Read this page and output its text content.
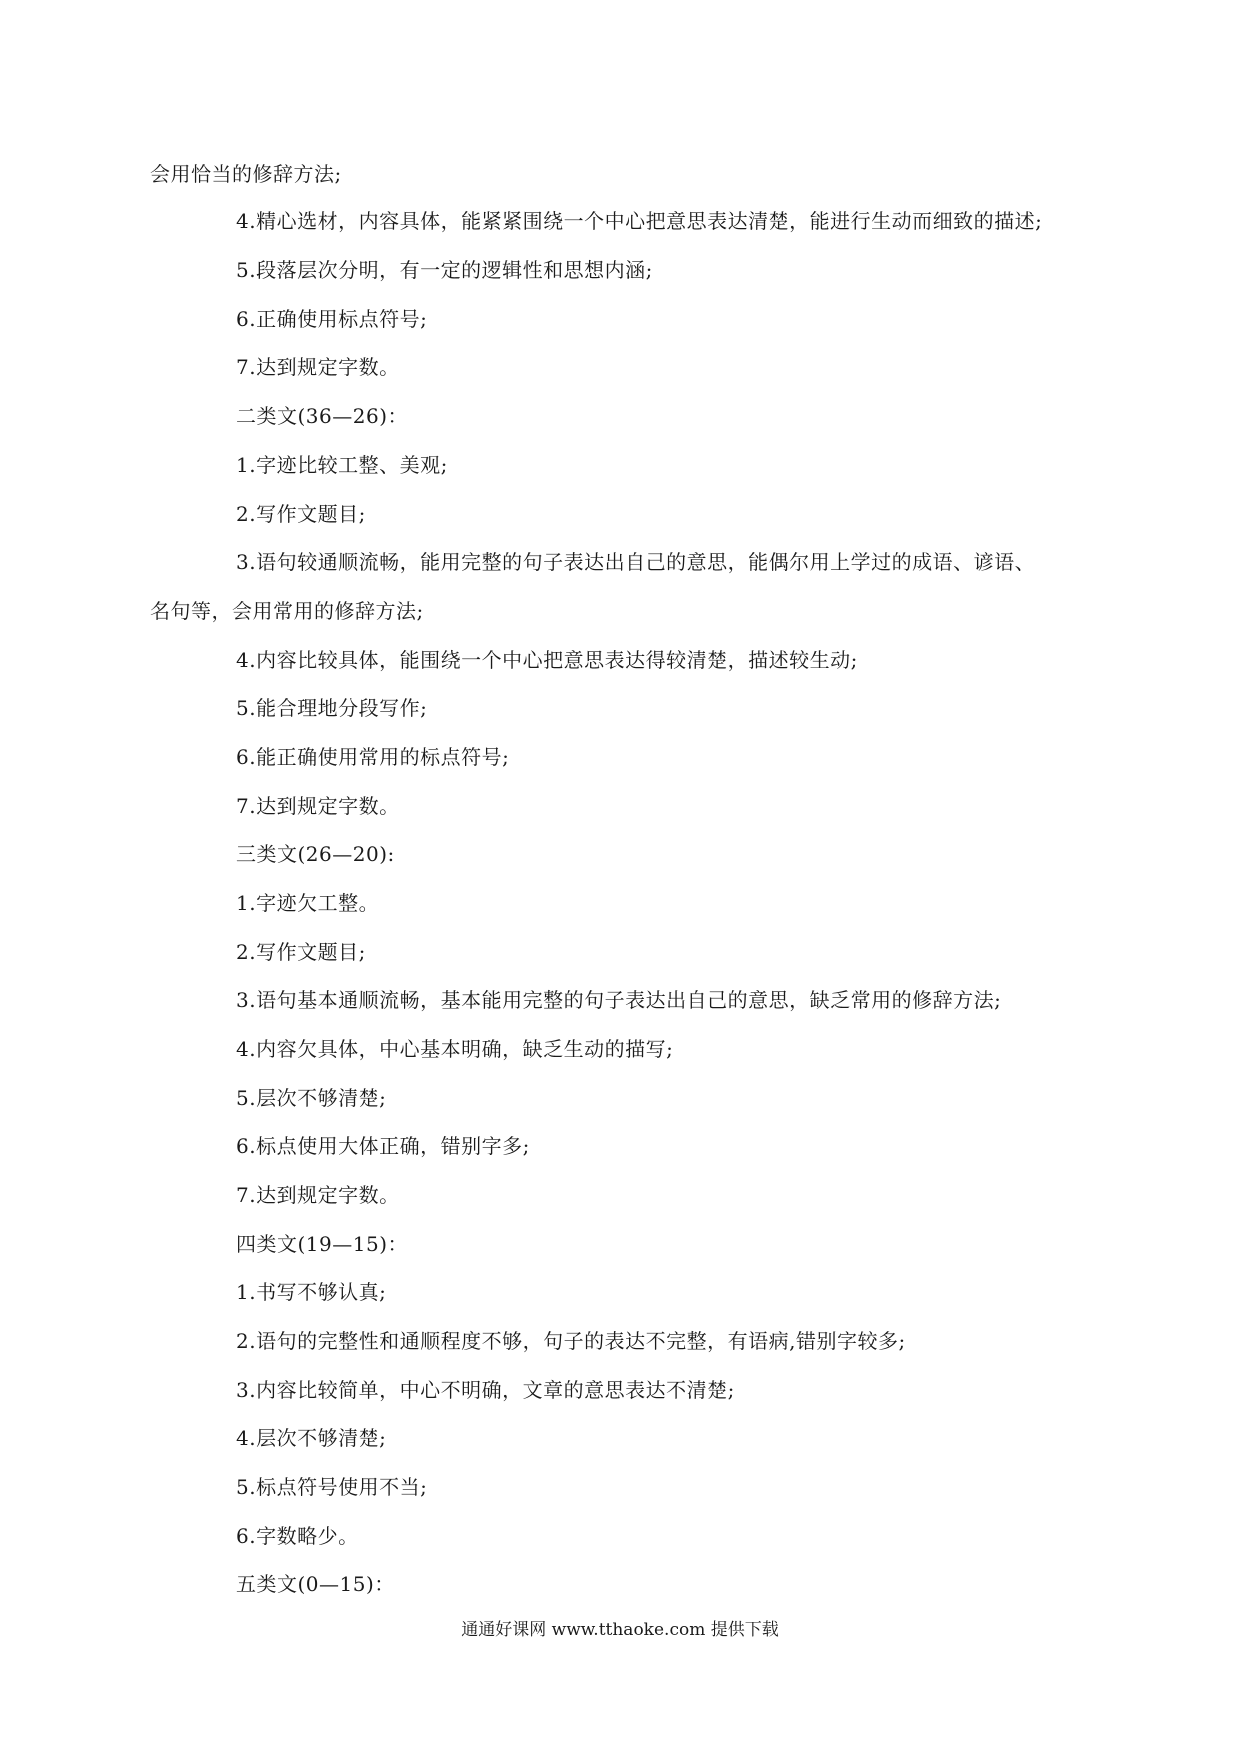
会用恰当的修辞方法;
4.精心选材，内容具体，能紧紧围绕一个中心把意思表达清楚，能进行生动而细致的描述;
5.段落层次分明，有一定的逻辑性和思想内涵;
6.正确使用标点符号;
7.达到规定字数。
二类文(36—26)：
1.字迹比较工整、美观;
2.写作文题目;
3.语句较通顺流畅，能用完整的句子表达出自己的意思，能偶尔用上学过的成语、谚语、
名句等，会用常用的修辞方法;
4.内容比较具体，能围绕一个中心把意思表达得较清楚，描述较生动;
5.能合理地分段写作;
6.能正确使用常用的标点符号;
7.达到规定字数。
三类文(26—20):
1.字迹欠工整。
2.写作文题目;
3.语句基本通顺流畅，基本能用完整的句子表达出自己的意思，缺乏常用的修辞方法;
4.内容欠具体，中心基本明确，缺乏生动的描写;
5.层次不够清楚;
6.标点使用大体正确，错别字多;
7.达到规定字数。
四类文(19—15)：
1.书写不够认真;
2.语句的完整性和通顺程度不够，句子的表达不完整，有语病,错别字较多;
3.内容比较简单，中心不明确，文章的意思表达不清楚;
4.层次不够清楚;
5.标点符号使用不当;
6.字数略少。
五类文(0—15)：
通通好课网 www.tthaoke.com 提供下载
